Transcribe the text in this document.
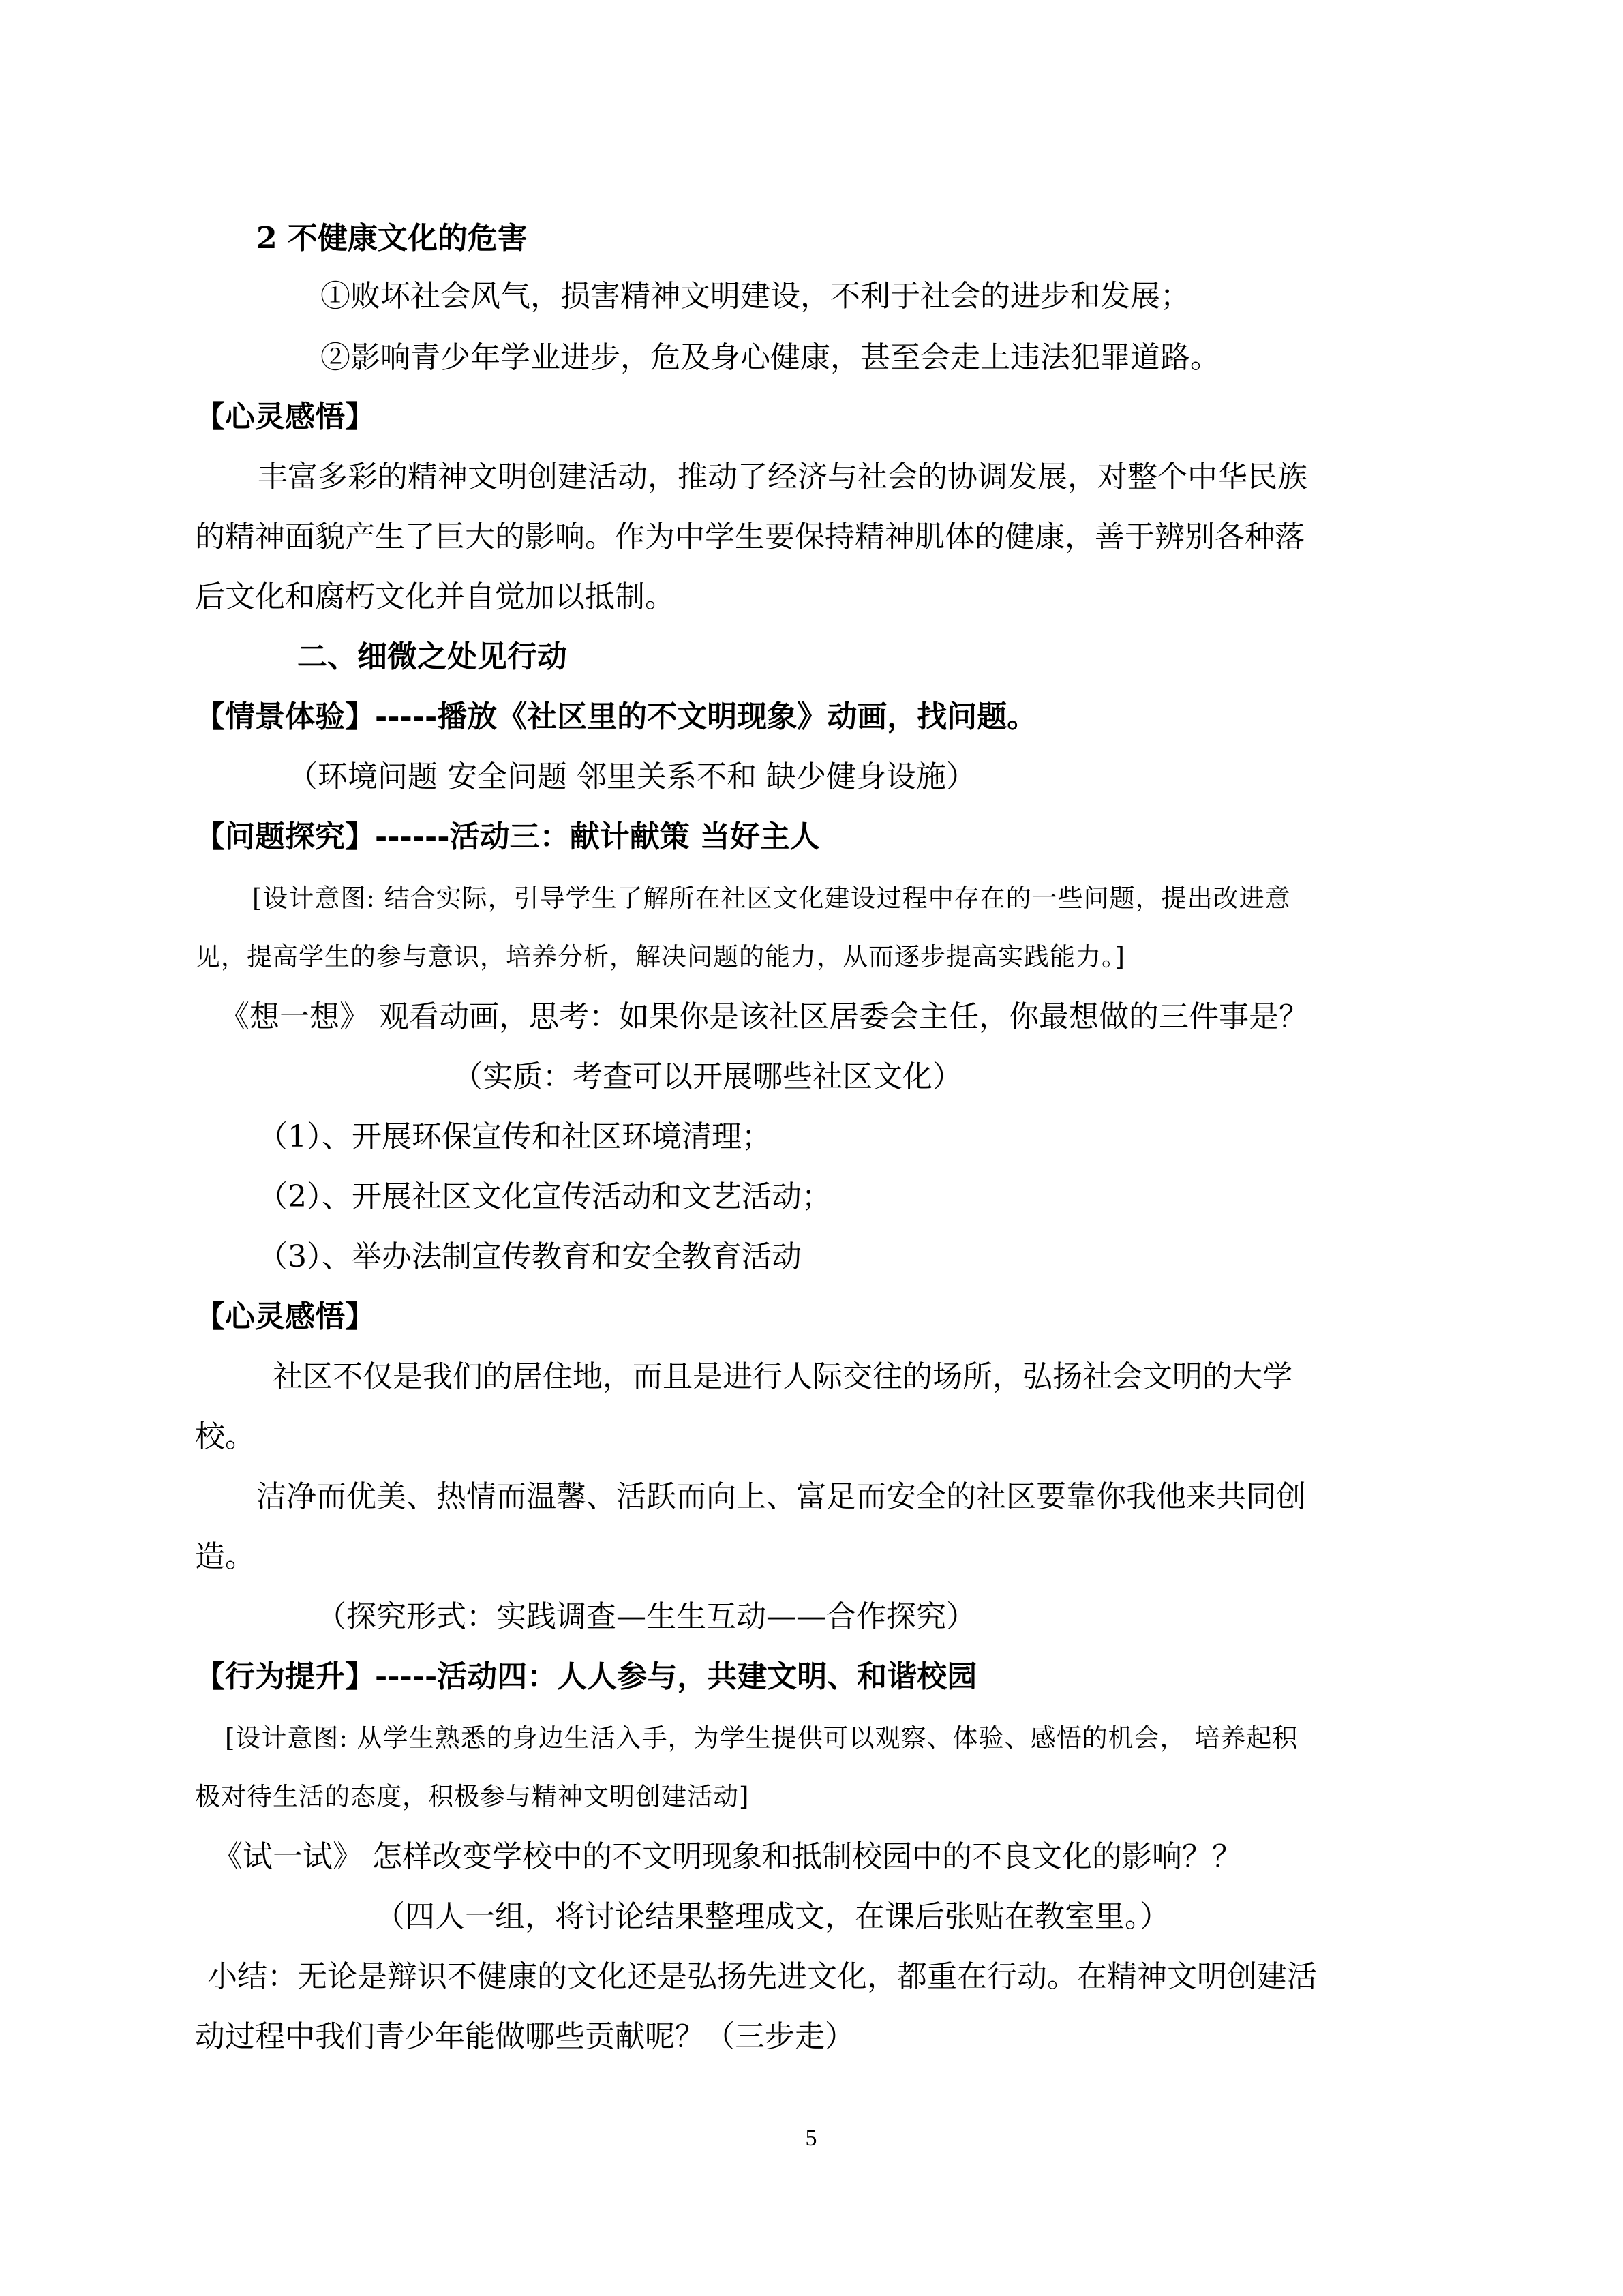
2 不健康文化的危害
①败坏社会风气，损害精神文明建设，不利于社会的进步和发展；
②影响青少年学业进步，危及身心健康，甚至会走上违法犯罪道路。
【心灵感悟】
丰富多彩的精神文明创建活动，推动了经济与社会的协调发展，对整个中华民族
的精神面貌产生了巨大的影响。作为中学生要保持精神肌体的健康，善于辨别各种落
后文化和腐朽文化并自觉加以抵制。
二、细微之处见行动
【情景体验】-----播放《社区里的不文明现象》动画，找问题。
（环境问题 安全问题 邻里关系不和 缺少健身设施）
【问题探究】------活动三：献计献策 当好主人
[设计意图: 结合实际，引导学生了解所在社区文化建设过程中存在的一些问题，提出改进意
见，提高学生的参与意识，培养分析，解决问题的能力，从而逐步提高实践能力。]
《想一想》 观看动画，思考：如果你是该社区居委会主任，你最想做的三件事是？
（实质：考查可以开展哪些社区文化）
（1）、开展环保宣传和社区环境清理；
（2）、开展社区文化宣传活动和文艺活动；
（3）、举办法制宣传教育和安全教育活动
【心灵感悟】
社区不仅是我们的居住地，而且是进行人际交往的场所，弘扬社会文明的大学
校。
洁净而优美、热情而温馨、活跃而向上、富足而安全的社区要靠你我他来共同创
造。
（探究形式：实践调查—生生互动——合作探究）
【行为提升】-----活动四：人人参与，共建文明、和谐校园
[设计意图: 从学生熟悉的身边生活入手，为学生提供可以观察、体验、感悟的机会， 培养起积
极对待生活的态度，积极参与精神文明创建活动]
《试一试》 怎样改变学校中的不文明现象和抵制校园中的不良文化的影响？？
（四人一组，将讨论结果整理成文，在课后张贴在教室里。）
小结：无论是辩识不健康的文化还是弘扬先进文化，都重在行动。在精神文明创建活
动过程中我们青少年能做哪些贡献呢？（三步走）
5
